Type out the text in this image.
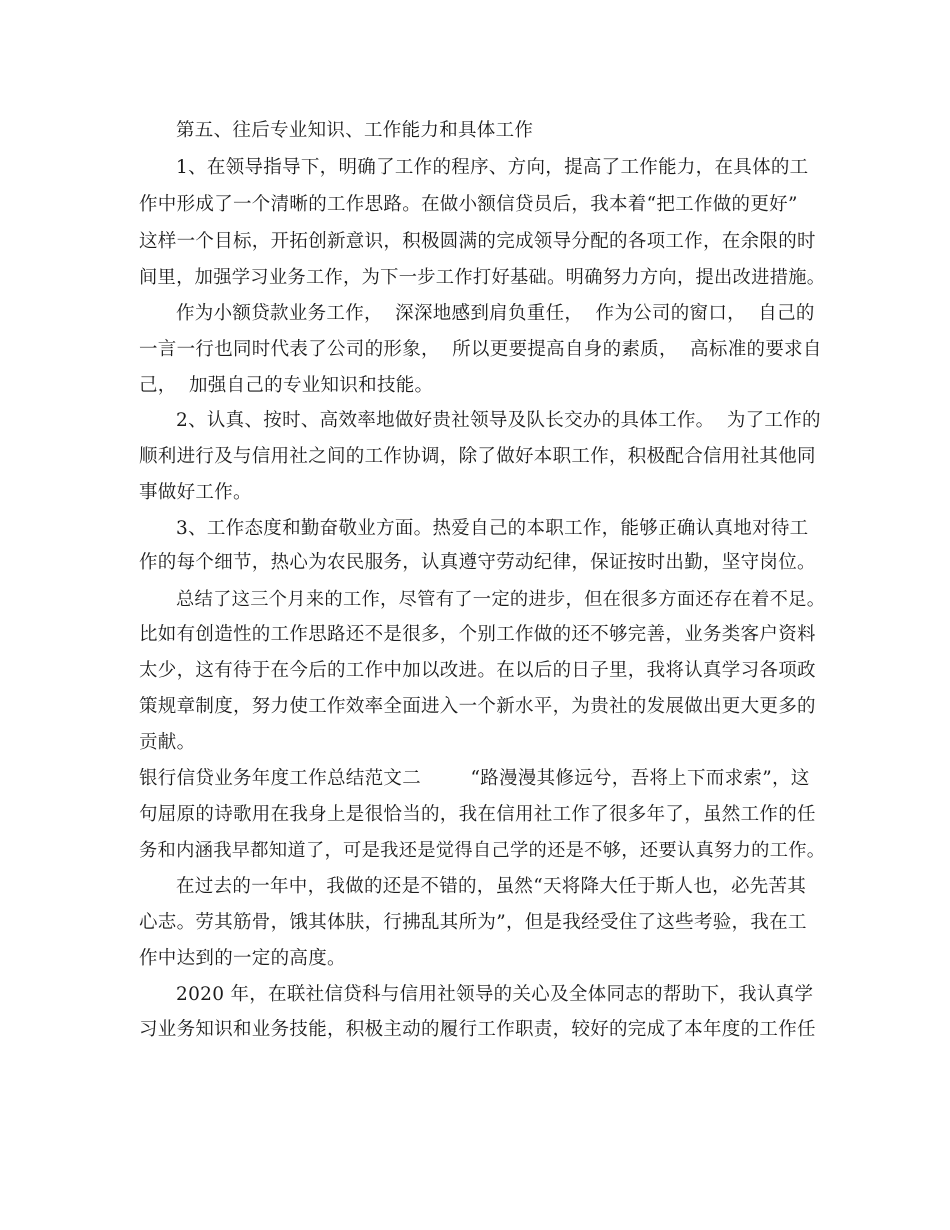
第五、往后专业知识、工作能力和具体工作
1、在领导指导下，明确了工作的程序、方向，提高了工作能力，在具体的工
作中形成了一个清晰的工作思路。在做小额信贷员后，我本着“把工作做的更好”
这样一个目标，开拓创新意识，积极圆满的完成领导分配的各项工作，在余限的时
间里，加强学习业务工作，为下一步工作打好基础。明确努力方向，提出改进措施。
作为小额贷款业务工作，  深深地感到肩负重任，  作为公司的窗口，  自己的
一言一行也同时代表了公司的形象，  所以更要提高自身的素质，  高标准的要求自
己，  加强自己的专业知识和技能。
2、认真、按时、高效率地做好贵社领导及队长交办的具体工作。  为了工作的
顺利进行及与信用社之间的工作协调，除了做好本职工作，积极配合信用社其他同
事做好工作。
3、工作态度和勤奋敬业方面。热爱自己的本职工作，能够正确认真地对待工
作的每个细节，热心为农民服务，认真遵守劳动纪律，保证按时出勤，坚守岗位。
总结了这三个月来的工作，尽管有了一定的进步，但在很多方面还存在着不足。
比如有创造性的工作思路还不是很多，个别工作做的还不够完善，业务类客户资料
太少，这有待于在今后的工作中加以改进。在以后的日子里，我将认真学习各项政
策规章制度，努力使工作效率全面进入一个新水平，为贵社的发展做出更大更多的
贡献。
银行信贷业务年度工作总结范文二        “路漫漫其修远兮，吾将上下而求索”，这
句屈原的诗歌用在我身上是很恰当的，我在信用社工作了很多年了，虽然工作的任
务和内涵我早都知道了，可是我还是觉得自己学的还是不够，还要认真努力的工作。
在过去的一年中，我做的还是不错的，虽然“天将降大任于斯人也，必先苦其
心志。劳其筋骨，饿其体肤，行拂乱其所为”，但是我经受住了这些考验，我在工
作中达到的一定的高度。
2020 年，在联社信贷科与信用社领导的关心及全体同志的帮助下，我认真学
习业务知识和业务技能，积极主动的履行工作职责，较好的完成了本年度的工作任
